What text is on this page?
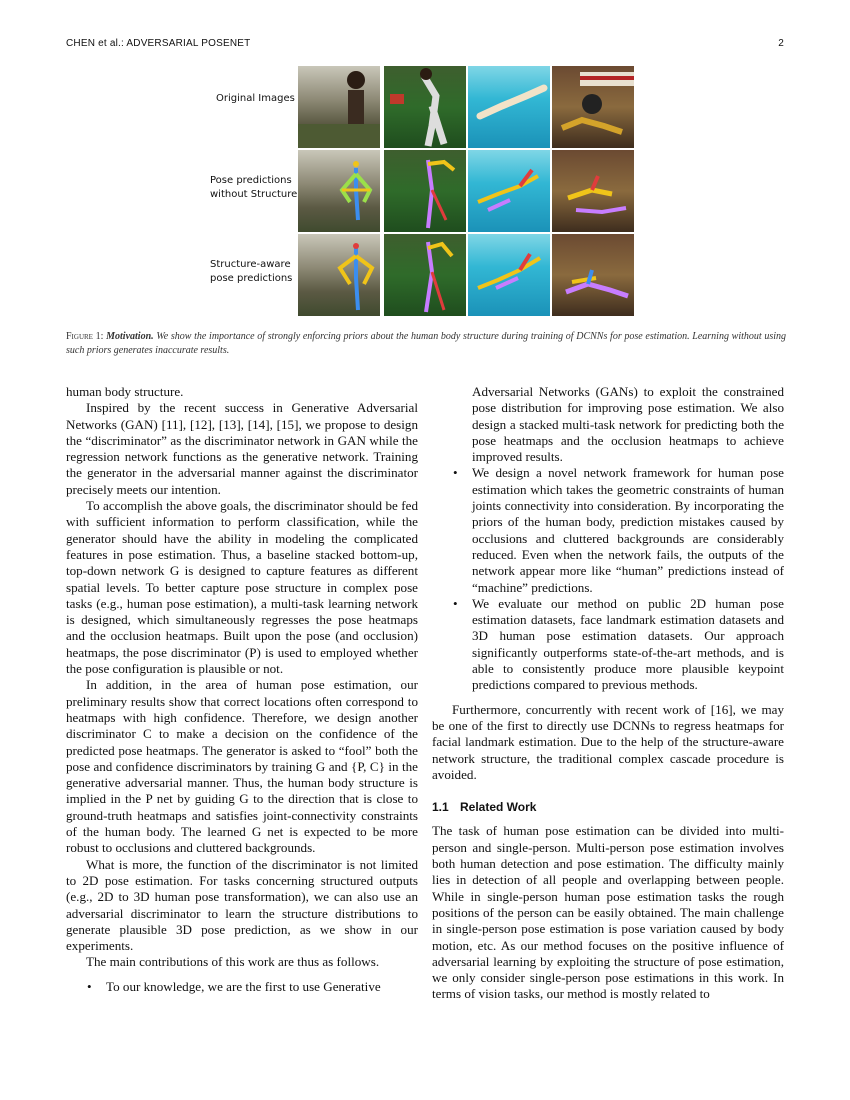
CHEN et al.: ADVERSARIAL POSENET	2
Original Images
Pose predictions without Structure
Structure-aware pose predictions
Figure 1: Motivation. We show the importance of strongly enforcing priors about the human body structure during training of DCNNs for pose estimation. Learning without using such priors generates inaccurate results.

human body structure.

Inspired by the recent success in Generative Adversarial Networks (GAN) [11], [12], [13], [14], [15], we propose to design the “discriminator” as the discriminator network in GAN while the regression network functions as the generative network. Training the generator in the adversarial manner against the discriminator precisely meets our intention.

To accomplish the above goals, the discriminator should be fed with sufficient information to perform classification, while the generator should have the ability in modeling the complicated features in pose estimation. Thus, a baseline stacked bottom-up, top-down network G is designed to capture features as different spatial levels. To better capture pose structure in complex pose tasks (e.g., human pose estimation), a multi-task learning network is designed, which simultaneously regresses the pose heatmaps and the occlusion heatmaps. Built upon the pose (and occlusion) heatmaps, the pose discriminator (P) is used to employed whether the pose configuration is plausible or not.

In addition, in the area of human pose estimation, our preliminary results show that correct locations often correspond to heatmaps with high confidence. Therefore, we design another discriminator C to make a decision on the confidence of the predicted pose heatmaps. The generator is asked to “fool” both the pose and confidence discriminators by training G and {P, C} in the generative adversarial manner. Thus, the human body structure is implied in the P net by guiding G to the direction that is close to ground-truth heatmaps and satisfies joint-connectivity constraints of the human body. The learned G net is expected to be more robust to occlusions and cluttered backgrounds.

What is more, the function of the discriminator is not limited to 2D pose estimation. For tasks concerning structured outputs (e.g., 2D to 3D human pose transformation), we can also use an adversarial discriminator to learn the structure distributions to generate plausible 3D pose prediction, as we show in our experiments.

The main contributions of this work are thus as follows.

• To our knowledge, we are the first to use Generative
Adversarial Networks (GANs) to exploit the constrained pose distribution for improving pose estimation. We also design a stacked multi-task network for predicting both the pose heatmaps and the occlusion heatmaps to achieve improved results.
• We design a novel network framework for human pose estimation which takes the geometric constraints of human joints connectivity into consideration. By incorporating the priors of the human body, prediction mistakes caused by occlusions and cluttered backgrounds are considerably reduced. Even when the network fails, the outputs of the network appear more like “human” predictions instead of “machine” predictions.
• We evaluate our method on public 2D human pose estimation datasets, face landmark estimation datasets and 3D human pose estimation datasets. Our approach significantly outperforms state-of-the-art methods, and is able to consistently produce more plausible keypoint predictions compared to previous methods.

Furthermore, concurrently with recent work of [16], we may be one of the first to directly use DCNNs to regress heatmaps for facial landmark estimation. Due to the help of the structure-aware network structure, the traditional complex cascade procedure is avoided.

1.1 Related Work

The task of human pose estimation can be divided into multi-person and single-person. Multi-person pose estimation involves both human detection and pose estimation. The difficulty mainly lies in detection of all people and overlapping between people. While in single-person human pose estimation tasks the rough positions of the person can be easily obtained. The main challenge in single-person pose estimation is pose variation caused by body motion, etc. As our method focuses on the positive influence of adversarial learning by exploiting the structure of pose estimation, we only consider single-person pose estimations in this work. In terms of vision tasks, our method is mostly related to
